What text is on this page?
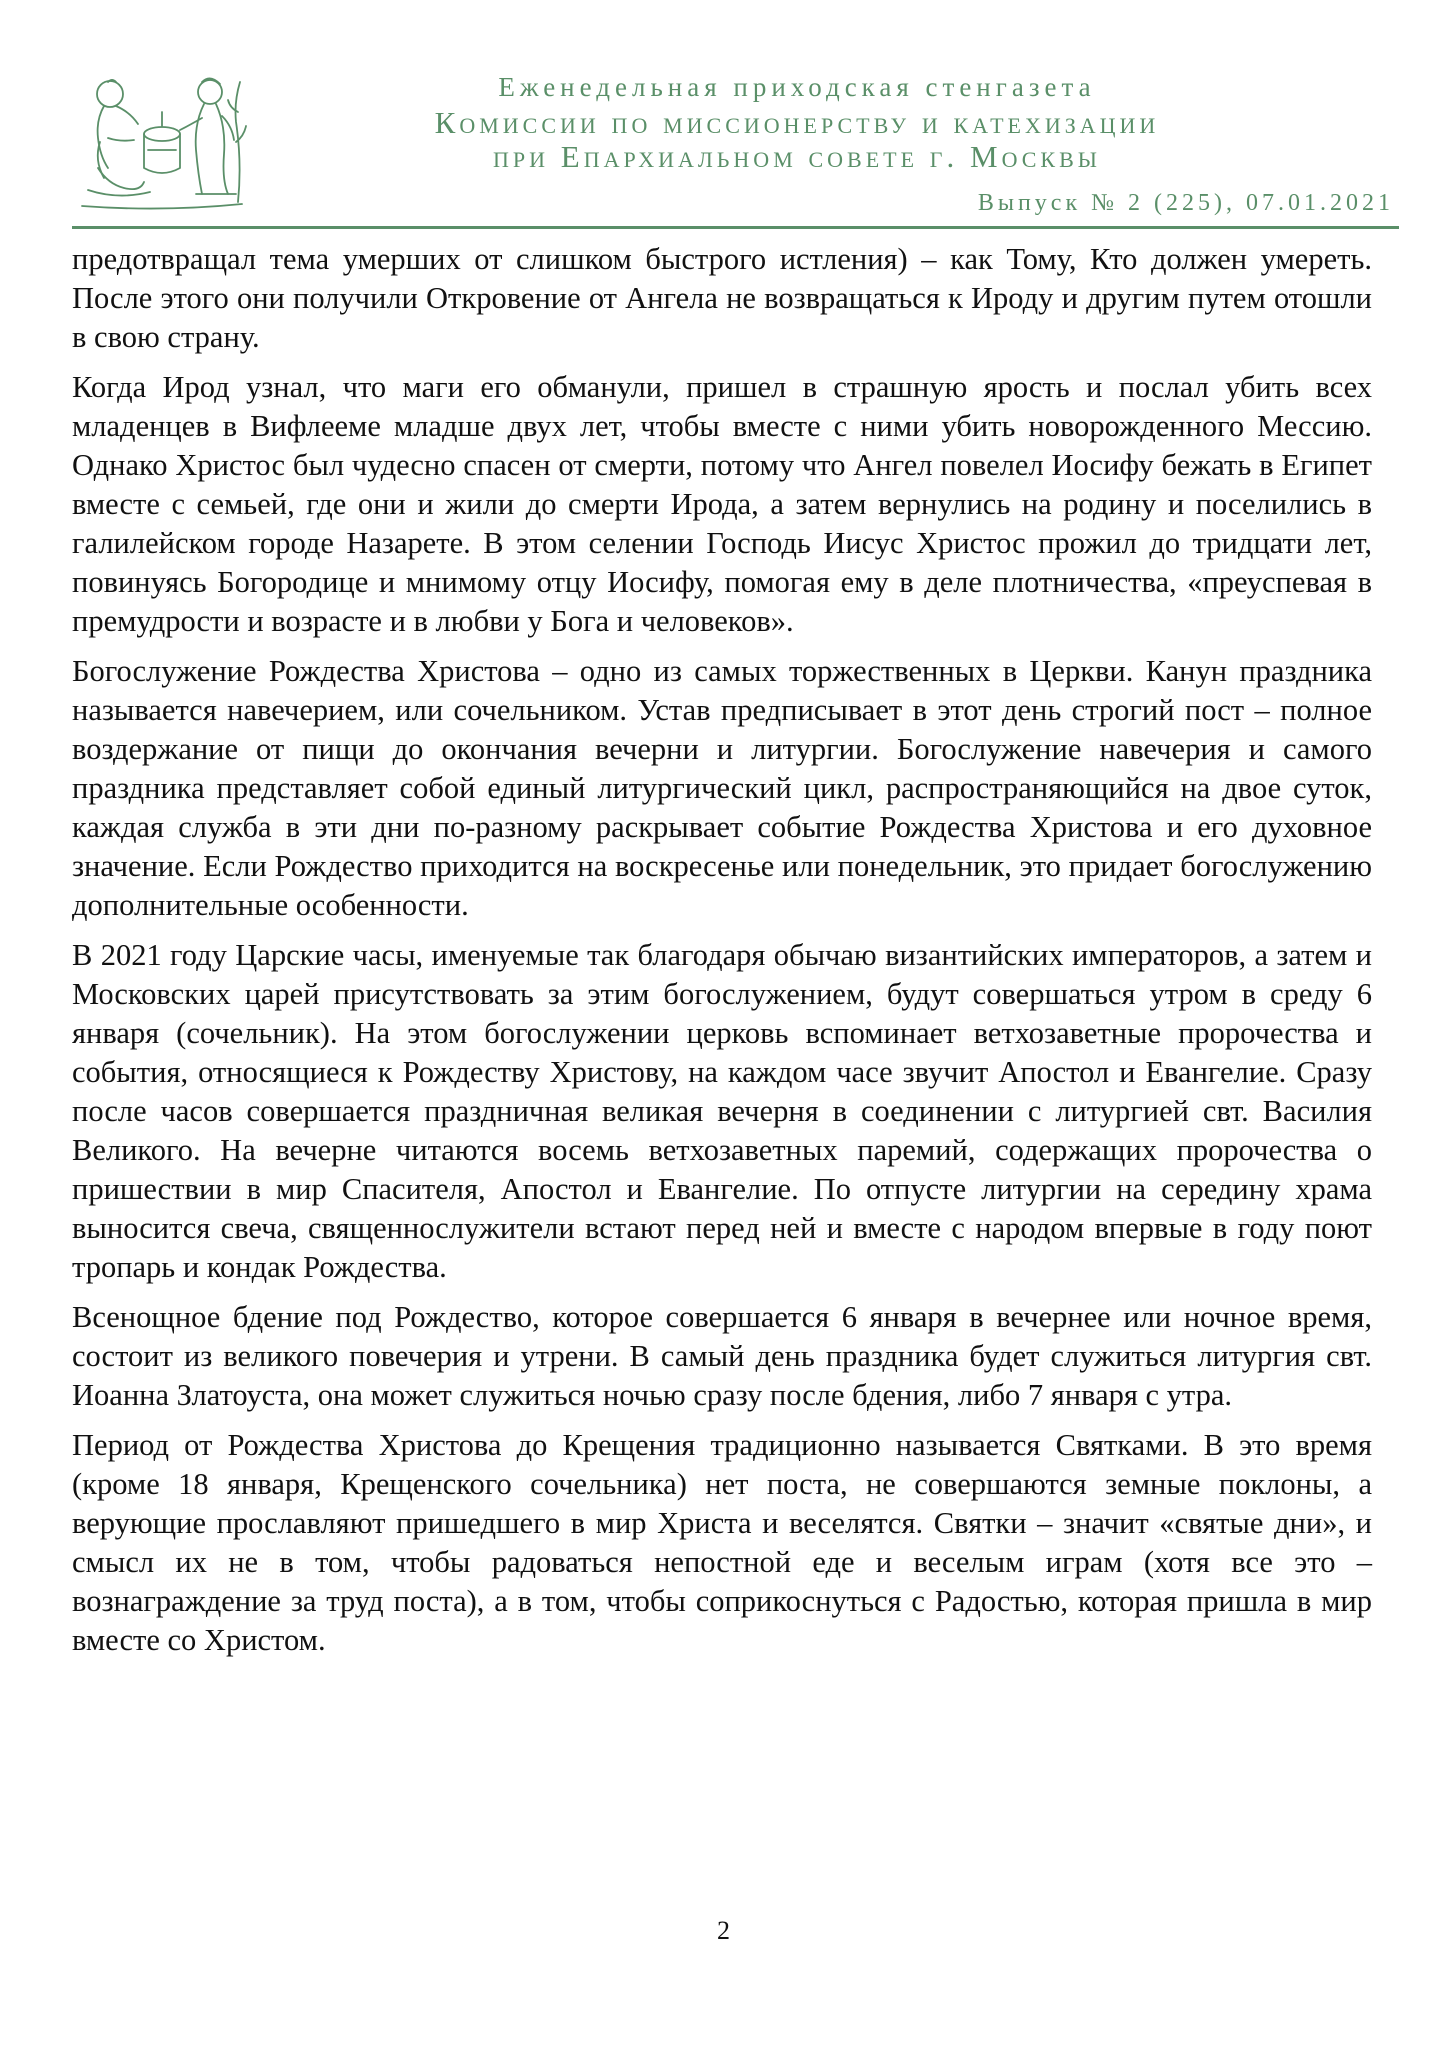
Еженедельная приходская стенгазета
Комиссии по миссионерству и катехизации
при Епархиальном совете г. Москвы
Выпуск № 2 (225), 07.01.2021

предотвращал тема умерших от слишком быстрого истления) – как Тому, Кто должен умереть. После этого они получили Откровение от Ангела не возвращаться к Ироду и другим путем отошли в свою страну.

Когда Ирод узнал, что маги его обманули, пришел в страшную ярость и послал убить всех младенцев в Вифлееме младше двух лет, чтобы вместе с ними убить новорожденного Мессию. Однако Христос был чудесно спасен от смерти, потому что Ангел повелел Иосифу бежать в Египет вместе с семьей, где они и жили до смерти Ирода, а затем вернулись на родину и поселились в галилейском городе Назарете. В этом селении Господь Иисус Христос прожил до тридцати лет, повинуясь Богородице и мнимому отцу Иосифу, помогая ему в деле плотничества, «преуспевая в премудрости и возрасте и в любви у Бога и человеков».

Богослужение Рождества Христова – одно из самых торжественных в Церкви. Канун праздника называется навечерием, или сочельником. Устав предписывает в этот день строгий пост – полное воздержание от пищи до окончания вечерни и литургии. Богослужение навечерия и самого праздника представляет собой единый литургический цикл, распространяющийся на двое суток, каждая служба в эти дни по-разному раскрывает событие Рождества Христова и его духовное значение. Если Рождество приходится на воскресенье или понедельник, это придает богослужению дополнительные особенности.

В 2021 году Царские часы, именуемые так благодаря обычаю византийских императоров, а затем и Московских царей присутствовать за этим богослужением, будут совершаться утром в среду 6 января (сочельник). На этом богослужении церковь вспоминает ветхозаветные пророчества и события, относящиеся к Рождеству Христову, на каждом часе звучит Апостол и Евангелие. Сразу после часов совершается праздничная великая вечерня в соединении с литургией свт. Василия Великого. На вечерне читаются восемь ветхозаветных паремий, содержащих пророчества о пришествии в мир Спасителя, Апостол и Евангелие. По отпусте литургии на середину храма выносится свеча, священнослужители встают перед ней и вместе с народом впервые в году поют тропарь и кондак Рождества.

Всенощное бдение под Рождество, которое совершается 6 января в вечернее или ночное время, состоит из великого повечерия и утрени. В самый день праздника будет служиться литургия свт. Иоанна Златоуста, она может служиться ночью сразу после бдения, либо 7 января с утра.

Период от Рождества Христова до Крещения традиционно называется Святками. В это время (кроме 18 января, Крещенского сочельника) нет поста, не совершаются земные поклоны, а верующие прославляют пришедшего в мир Христа и веселятся. Святки – значит «святые дни», и смысл их не в том, чтобы радоваться непостной еде и веселым играм (хотя все это – вознаграждение за труд поста), а в том, чтобы соприкоснуться с Радостью, которая пришла в мир вместе со Христом.

2
